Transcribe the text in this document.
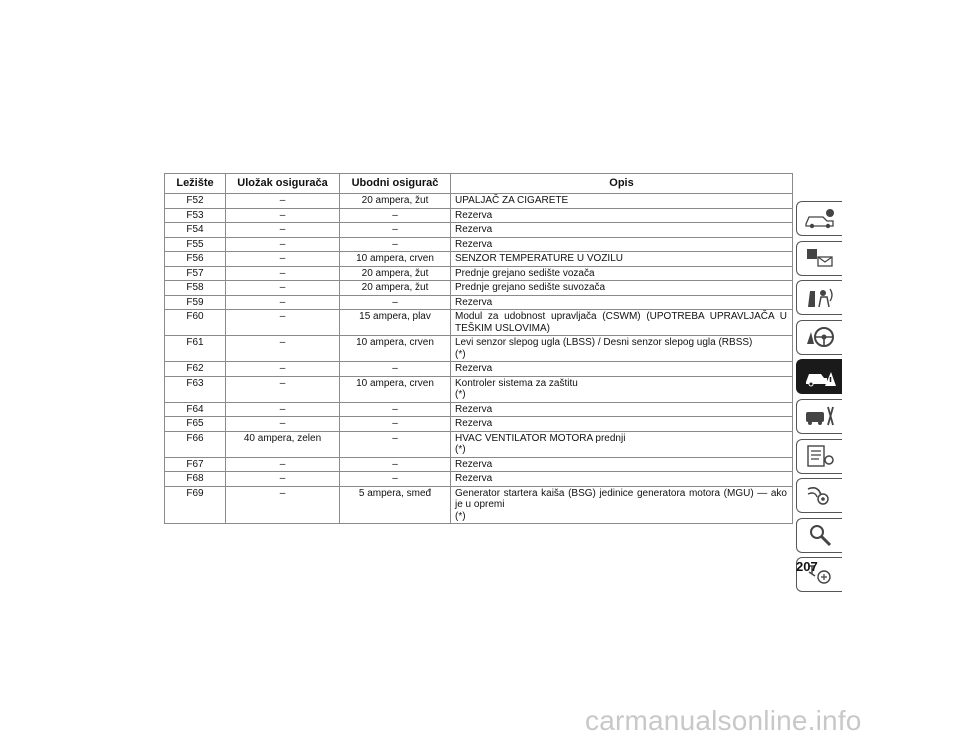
Ležište	Uložak osigurača	Ubodni osigurač	Opis
F52	–	20 ampera, žut	UPALJAČ ZA CIGARETE
F53	–	–	Rezerva
F54	–	–	Rezerva
F55	–	–	Rezerva
F56	–	10 ampera, crven	SENZOR TEMPERATURE U VOZILU
F57	–	20 ampera, žut	Prednje grejano sedište vozača
F58	–	20 ampera, žut	Prednje grejano sedište suvozača
F59	–	–	Rezerva
F60	–	15 ampera, plav	Modul za udobnost upravljača (CSWM) (UPOTREBA UPRAVLJAČA U TEŠKIM USLOVIMA)
F61	–	10 ampera, crven	Levi senzor slepog ugla (LBSS) / Desni senzor slepog ugla (RBSS)
(*)

F62	–	–	Rezerva
F63	–	10 ampera, crven	Kontroler sistema za zaštitu
(*)

F64	–	–	Rezerva
F65	–	–	Rezerva
F66	40 ampera, zelen	–	HVAC VENTILATOR MOTORA prednji
(*)

F67	–	–	Rezerva
F68	–	–	Rezerva
F69	–	5 ampera, smeđ	Generator startera kaiša (BSG) jedinice generatora motora (MGU) — ako je u opremi
(*)
207
carmanualsonline.info
